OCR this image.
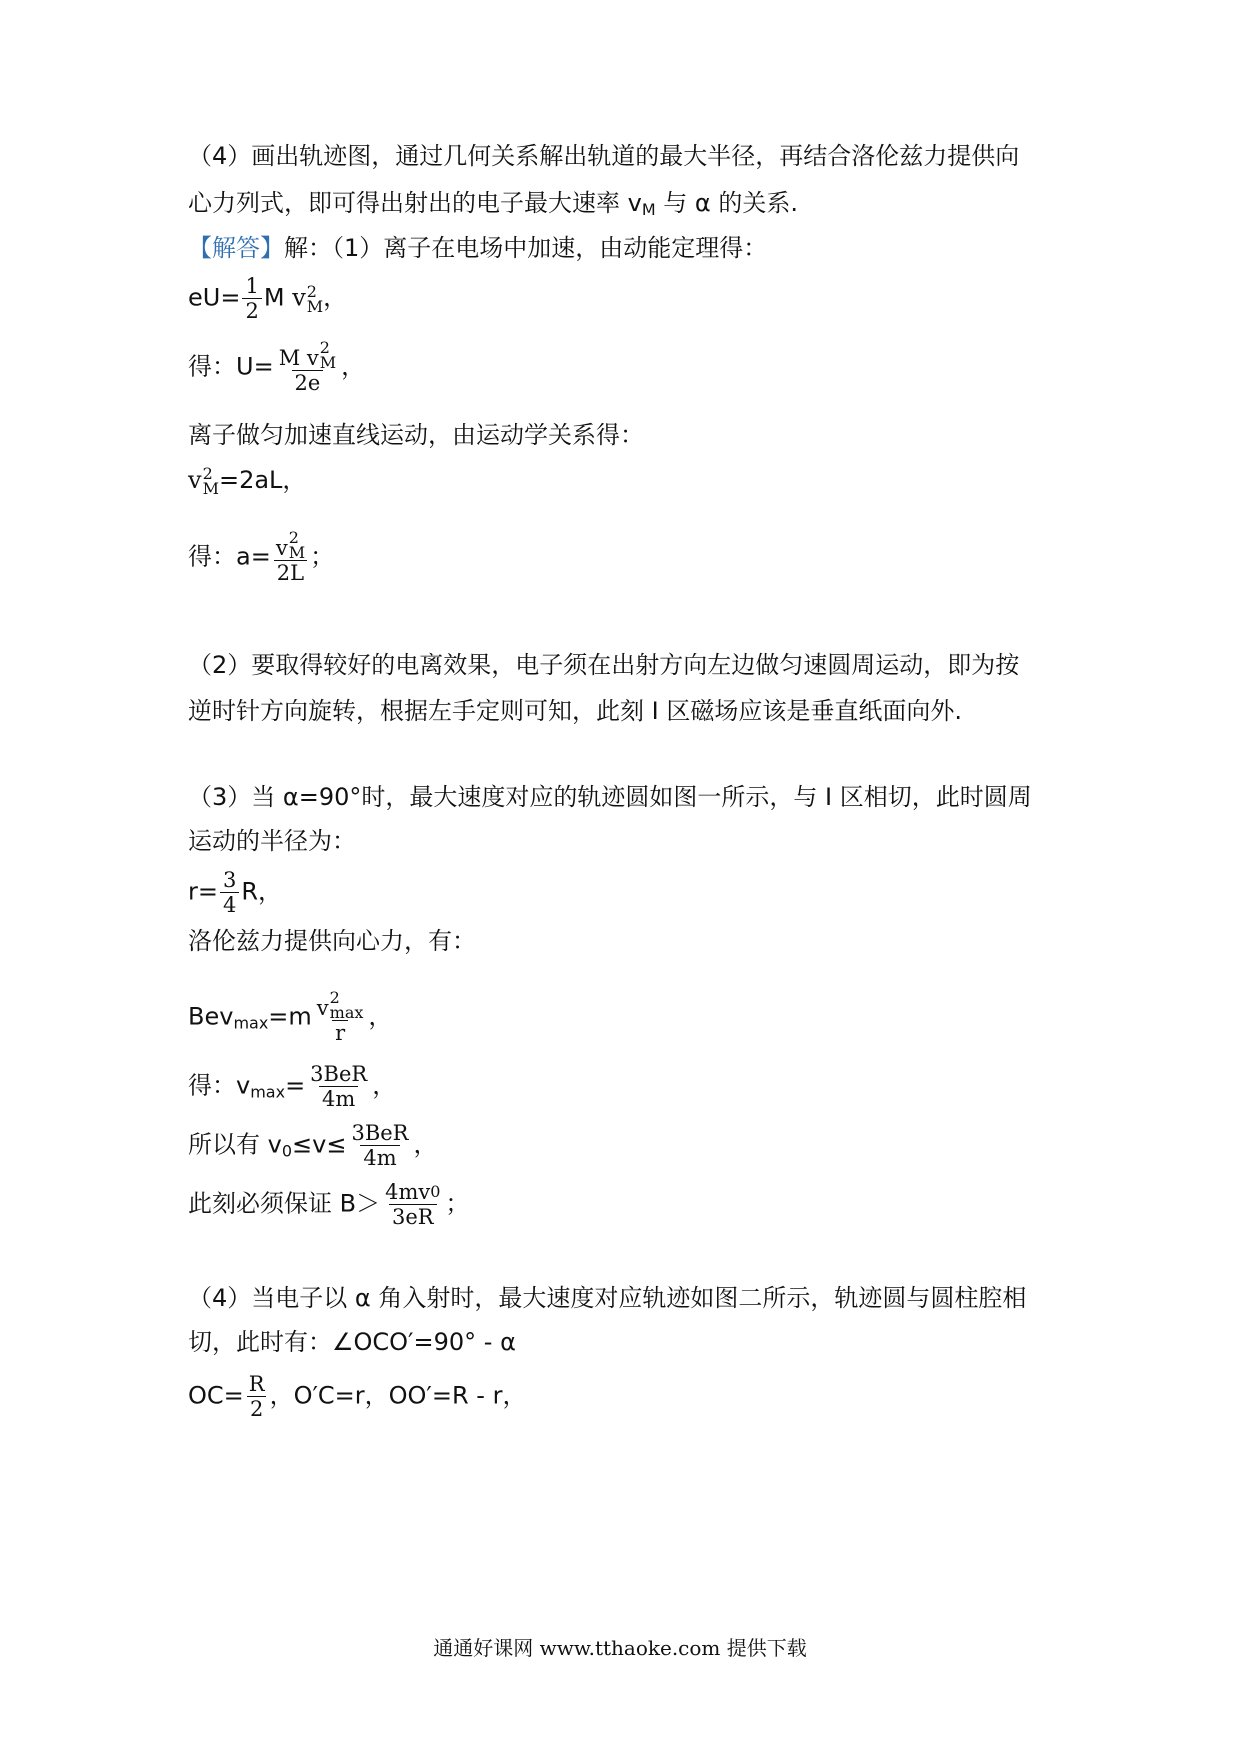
（4）画出轨迹图，通过几何关系解出轨道的最大半径，再结合洛伦兹力提供向
心力列式，即可得出射出的电子最大速率 $v_M$ 与 α 的关系.
【解答】解：（1）离子在电场中加速，由动能定理得：
$eU= \frac{1}{2}$ M v 2
M ，
得：U= M
v 2
M
2e ，
离子做匀加速直线运动，由运动学关系得：
v 2
M =2aL，
得：a= v 2
M
2L ；
（2）要取得较好的电离效果，电子须在出射方向左边做匀速圆周运动，即为按
逆时针方向旋转，根据左手定则可知，此刻 Ⅰ 区磁场应该是垂直纸面向外.
（3）当 α=90°时，最大速度对应的轨迹圆如图一所示，与 Ⅰ 区相切，此时圆周
运动的半径为：
$r= \frac{3}{4}$ R，
洛伦兹力提供向心力，有：
Bev$_{max}$=m v 2
max
r ，
得：$v_{max}= \frac{\text{3BeR}}{4m}$ ，
所以有 $v_0\le v\le \frac{\text{3BeR}}{4m}$ ，
此刻必须保证 $B> \frac{4mv 0}{3eR}$ ；
（4）当电子以 α 角入射时，最大速度对应轨迹如图二所示，轨迹圆与圆柱腔相
切，此时有：∠OCO′=90° - α
$OC= \frac{R}{2}$ ，O′C=r，OO′=R - r，
通通好课网 www.tthaoke.com 提供下载
